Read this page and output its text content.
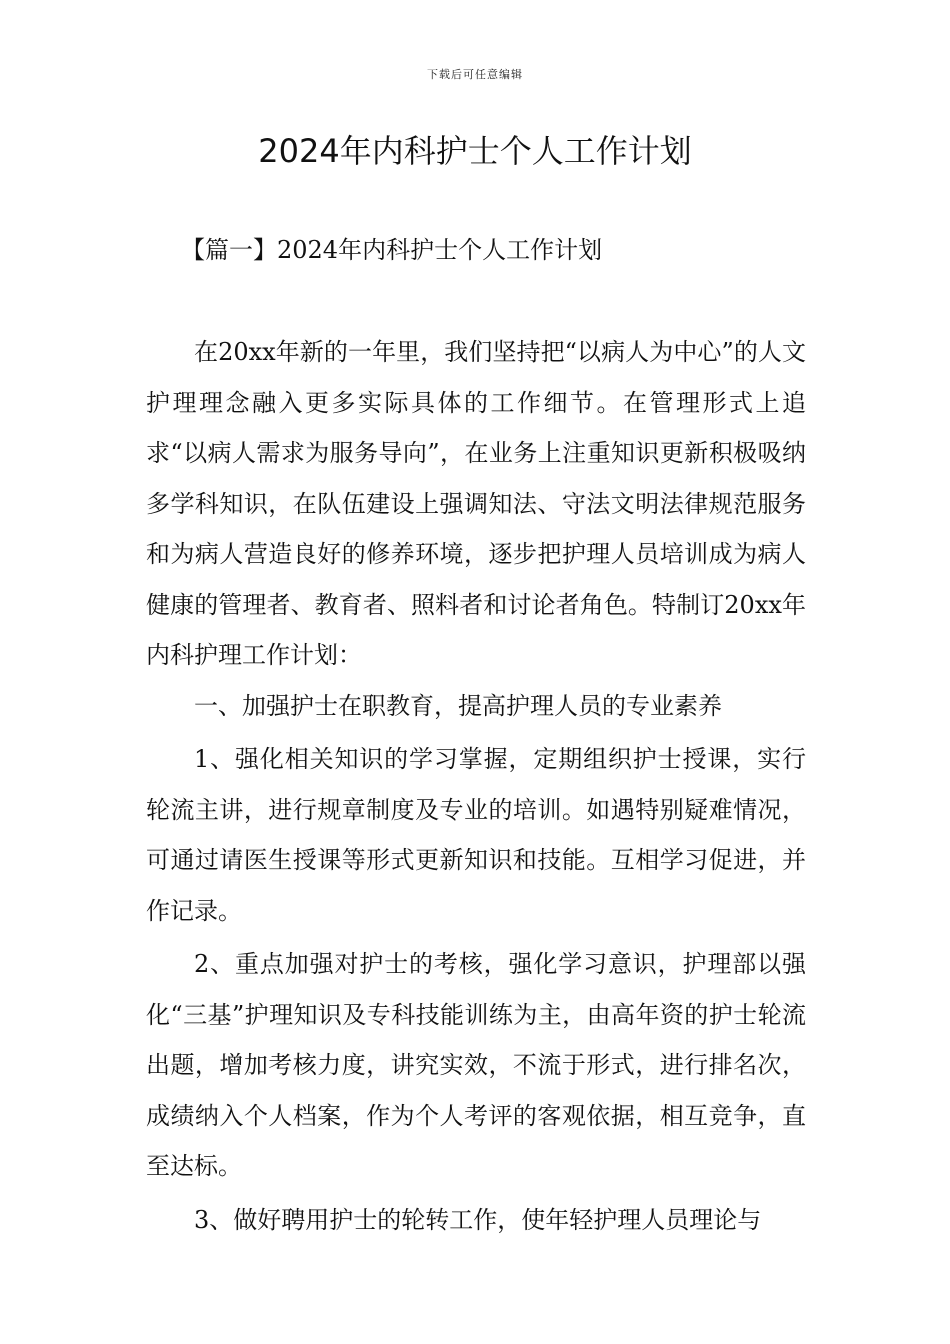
下载后可任意编辑
2024年内科护士个人工作计划
【篇一】2024年内科护士个人工作计划

在20xx年新的一年里，我们坚持把“以病人为中心”的人文护理理念融入更多实际具体的工作细节。在管理形式上追求“以病人需求为服务导向”，在业务上注重知识更新积极吸纳多学科知识，在队伍建设上强调知法、守法文明法律规范服务和为病人营造良好的修养环境，逐步把护理人员培训成为病人健康的管理者、教育者、照料者和讨论者角色。特制订20xx年内科护理工作计划：

一、加强护士在职教育，提高护理人员的专业素养

1、强化相关知识的学习掌握，定期组织护士授课，实行轮流主讲，进行规章制度及专业的培训。如遇特别疑难情况，可通过请医生授课等形式更新知识和技能。互相学习促进，并作记录。

2、重点加强对护士的考核，强化学习意识，护理部以强化“三基”护理知识及专科技能训练为主，由高年资的护士轮流出题，增加考核力度，讲究实效，不流于形式，进行排名次，成绩纳入个人档案，作为个人考评的客观依据，相互竞争，直至达标。

3、做好聘用护士的轮转工作，使年轻护理人员理论与
